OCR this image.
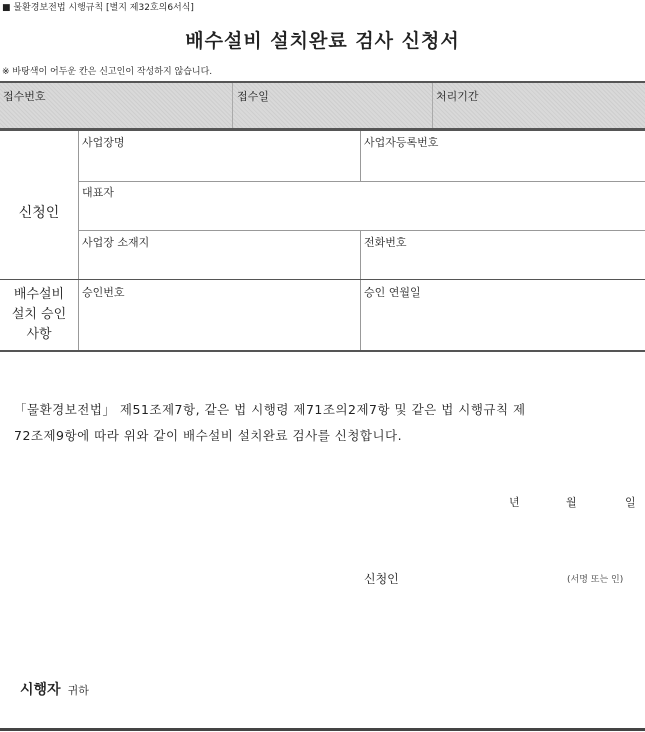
■ 물환경보전법 시행규칙 [별지 제32호의6서식]
배수설비 설치완료 검사 신청서
※ 바탕색이 어두운 칸은 신고인이 작성하지 않습니다.
접수번호	접수일	처리기간
신청인
사업장명	사업자등록번호
대표자
사업장 소재지	전화번호
배수설비
설치 승인
사항
승인번호	승인 연월일
「물환경보전법」 제51조제7항, 같은 법 시행령 제71조의2제7항 및 같은 법 시행규칙 제
72조제9항에 따라 위와 같이 배수설비 설치완료 검사를 신청합니다.
년	월	일
신청인	(서명 또는 인)
시행자 귀하
